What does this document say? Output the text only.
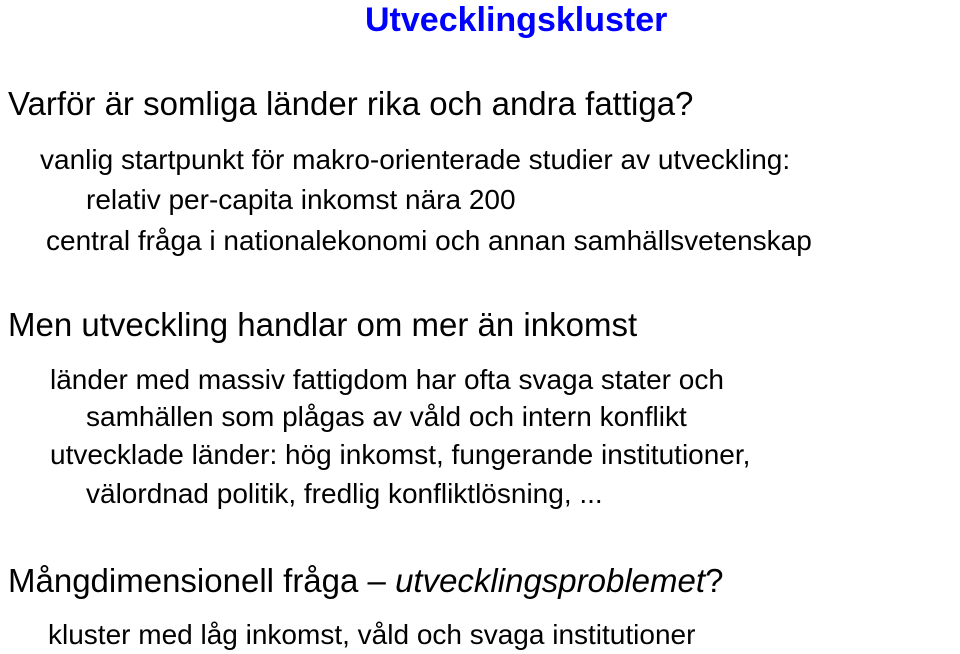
Utvecklingskluster
Varför är somliga länder rika och andra fattiga?
vanlig startpunkt för makro-orienterade studier av utveckling:
relativ per-capita inkomst nära 200
central fråga i nationalekonomi och annan samhällsvetenskap
Men utveckling handlar om mer än inkomst
länder med massiv fattigdom har ofta svaga stater och
samhällen som plågas av våld och intern konflikt
utvecklade länder: hög inkomst, fungerande institutioner,
välordnad politik, fredlig konfliktlösning, ...
Mångdimensionell fråga – utvecklingsproblemet?
kluster med låg inkomst, våld och svaga institutioner
